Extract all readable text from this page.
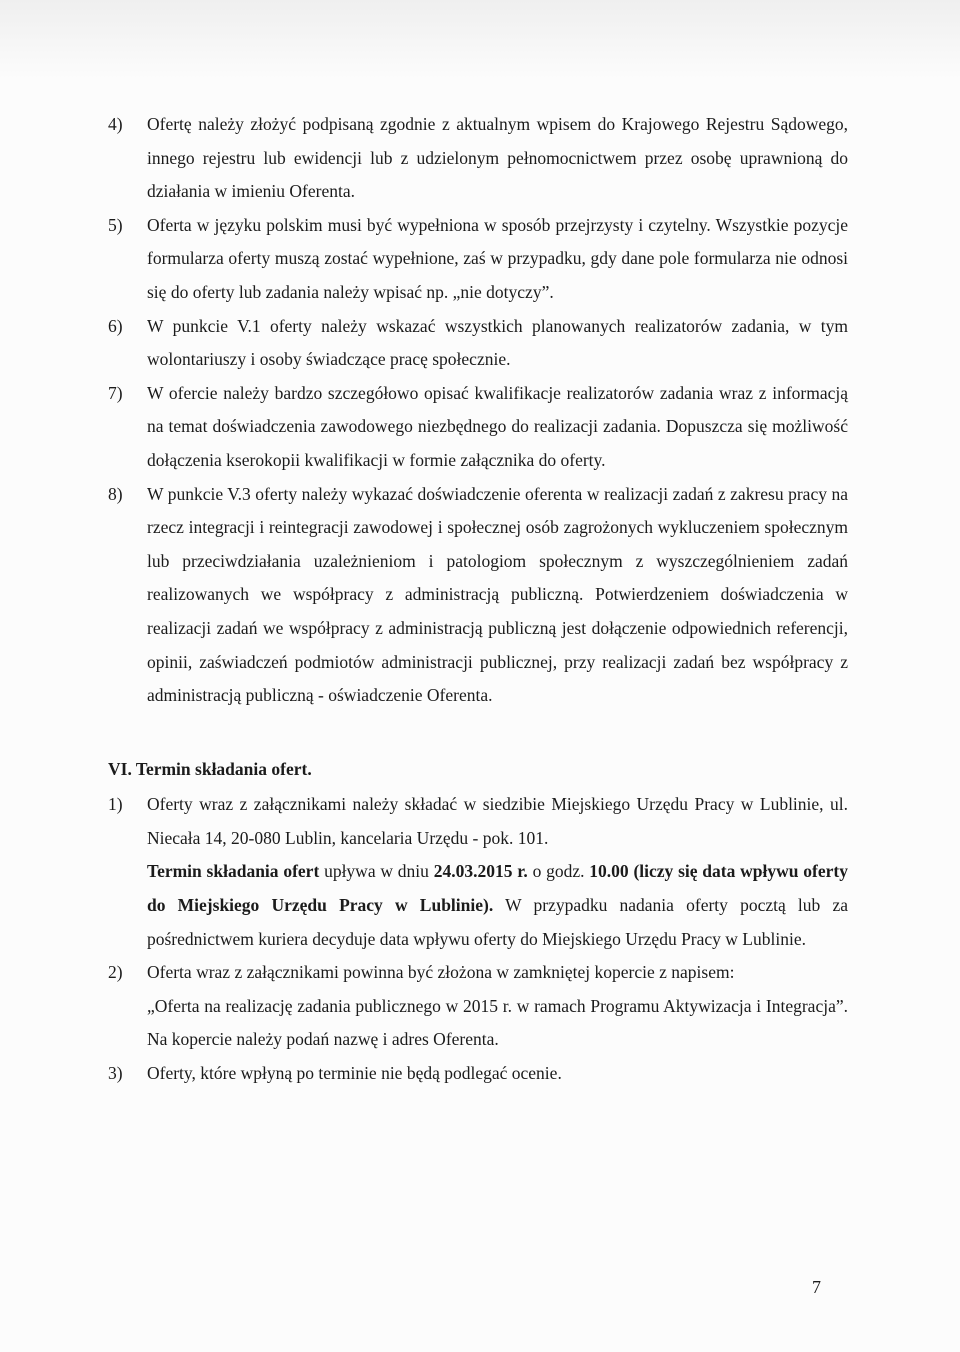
4)	Ofertę należy złożyć podpisaną zgodnie z aktualnym wpisem do Krajowego Rejestru Sądowego, innego rejestru lub ewidencji lub z udzielonym pełnomocnictwem przez osobę uprawnioną do działania w imieniu Oferenta.
5)	Oferta w języku polskim musi być wypełniona w sposób przejrzysty i czytelny. Wszystkie pozycje formularza oferty muszą zostać wypełnione, zaś w przypadku, gdy dane pole formularza nie odnosi się do oferty lub zadania należy wpisać np. „nie dotyczy”.
6)	W punkcie V.1 oferty należy wskazać wszystkich planowanych realizatorów zadania, w tym wolontariuszy i osoby świadczące pracę społecznie.
7)	W ofercie należy bardzo szczegółowo opisać kwalifikacje realizatorów zadania wraz z informacją na temat doświadczenia zawodowego niezbędnego do realizacji zadania. Dopuszcza się możliwość dołączenia kserokopii kwalifikacji w formie załącznika do oferty.
8)	W punkcie V.3 oferty należy wykazać doświadczenie oferenta w realizacji zadań z zakresu pracy na rzecz integracji i reintegracji zawodowej i społecznej osób zagrożonych wykluczeniem społecznym lub przeciwdziałania uzależnieniom i patologiom społecznym z wyszczególnieniem zadań realizowanych we współpracy z administracją publiczną. Potwierdzeniem doświadczenia w realizacji zadań we współpracy z administracją publiczną jest dołączenie odpowiednich referencji, opinii, zaświadczeń podmiotów administracji publicznej, przy realizacji zadań bez współpracy z administracją publiczną - oświadczenie Oferenta.
VI. Termin składania ofert.
1)	Oferty wraz z załącznikami należy składać w siedzibie Miejskiego Urzędu Pracy w Lublinie, ul. Niecała 14, 20-080 Lublin, kancelaria Urzędu - pok. 101.
Termin składania ofert upływa w dniu 24.03.2015 r. o godz. 10.00 (liczy się data wpływu oferty do Miejskiego Urzędu Pracy w Lublinie). W przypadku nadania oferty pocztą lub za pośrednictwem kuriera decyduje data wpływu oferty do Miejskiego Urzędu Pracy w Lublinie.
2)	Oferta wraz z załącznikami powinna być złożona w zamkniętej kopercie z napisem:
„Oferta na realizację zadania publicznego w 2015 r. w ramach Programu Aktywizacja i Integracja”. Na kopercie należy podań nazwę i adres Oferenta.
3)	Oferty, które wpłyną po terminie nie będą podlegać ocenie.
7
